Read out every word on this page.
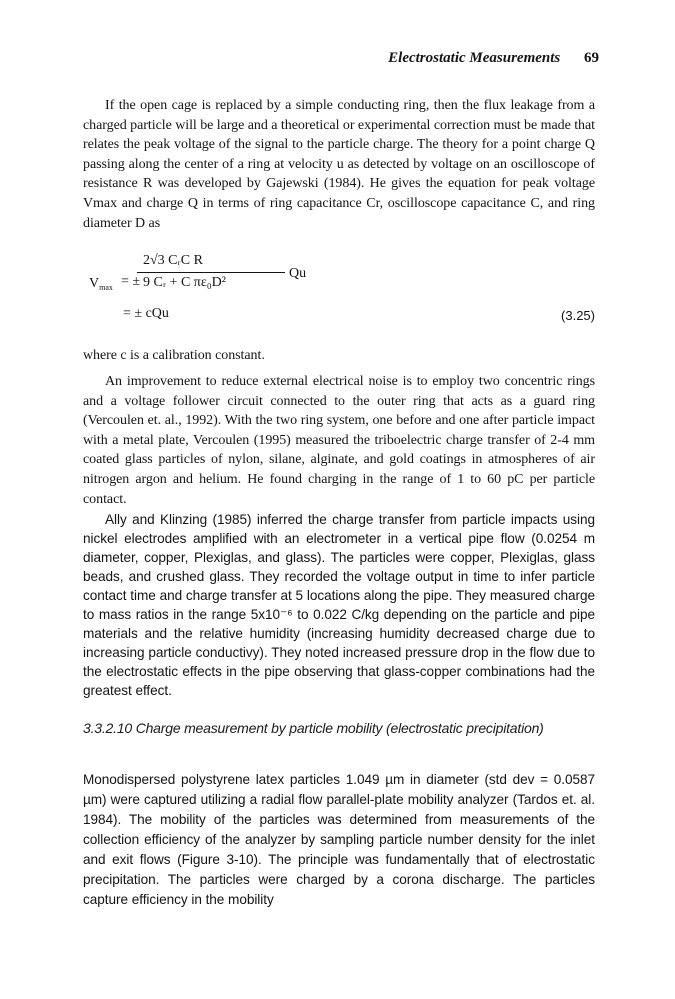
Electrostatic Measurements 69

If the open cage is replaced by a simple conducting ring, then the flux leakage from a charged particle will be large and a theoretical or experimental correction must be made that relates the peak voltage of the signal to the particle charge. The theory for a point charge Q passing along the center of a ring at velocity u as detected by voltage on an oscilloscope of resistance R was developed by Gajewski (1984). He gives the equation for peak voltage Vmax and charge Q in terms of ring capacitance Cr, oscilloscope capacitance C, and ring diameter D as

$V_{max}$ = ±
2√3 CᵣC R
9 Cᵣ + C πε₀D²
Qu
= ± cQu	(3.25)

where c is a calibration constant.

An improvement to reduce external electrical noise is to employ two concentric rings and a voltage follower circuit connected to the outer ring that acts as a guard ring (Vercoulen et. al., 1992). With the two ring system, one before and one after particle impact with a metal plate, Vercoulen (1995) measured the triboelectric charge transfer of 2-4 mm coated glass particles of nylon, silane, alginate, and gold coatings in atmospheres of air nitrogen argon and helium. He found charging in the range of 1 to 60 pC per particle contact.

Ally and Klinzing (1985) inferred the charge transfer from particle impacts using nickel electrodes amplified with an electrometer in a vertical pipe flow (0.0254 m diameter, copper, Plexiglas, and glass). The particles were copper, Plexiglas, glass beads, and crushed glass. They recorded the voltage output in time to infer particle contact time and charge transfer at 5 locations along the pipe. They measured charge to mass ratios in the range 5x10⁻⁶ to 0.022 C/kg depending on the particle and pipe materials and the relative humidity (increasing humidity decreased charge due to increasing particle conductivy). They noted increased pressure drop in the flow due to the electrostatic effects in the pipe observing that glass-copper combinations had the greatest effect.

3.3.2.10 Charge measurement by particle mobility (electrostatic precipitation)

Monodispersed polystyrene latex particles 1.049 µm in diameter (std dev = 0.0587 µm) were captured utilizing a radial flow parallel-plate mobility analyzer (Tardos et. al. 1984). The mobility of the particles was determined from measurements of the collection efficiency of the analyzer by sampling particle number density for the inlet and exit flows (Figure 3-10). The principle was fundamentally that of electrostatic precipitation. The particles were charged by a corona discharge. The particles capture efficiency in the mobility
